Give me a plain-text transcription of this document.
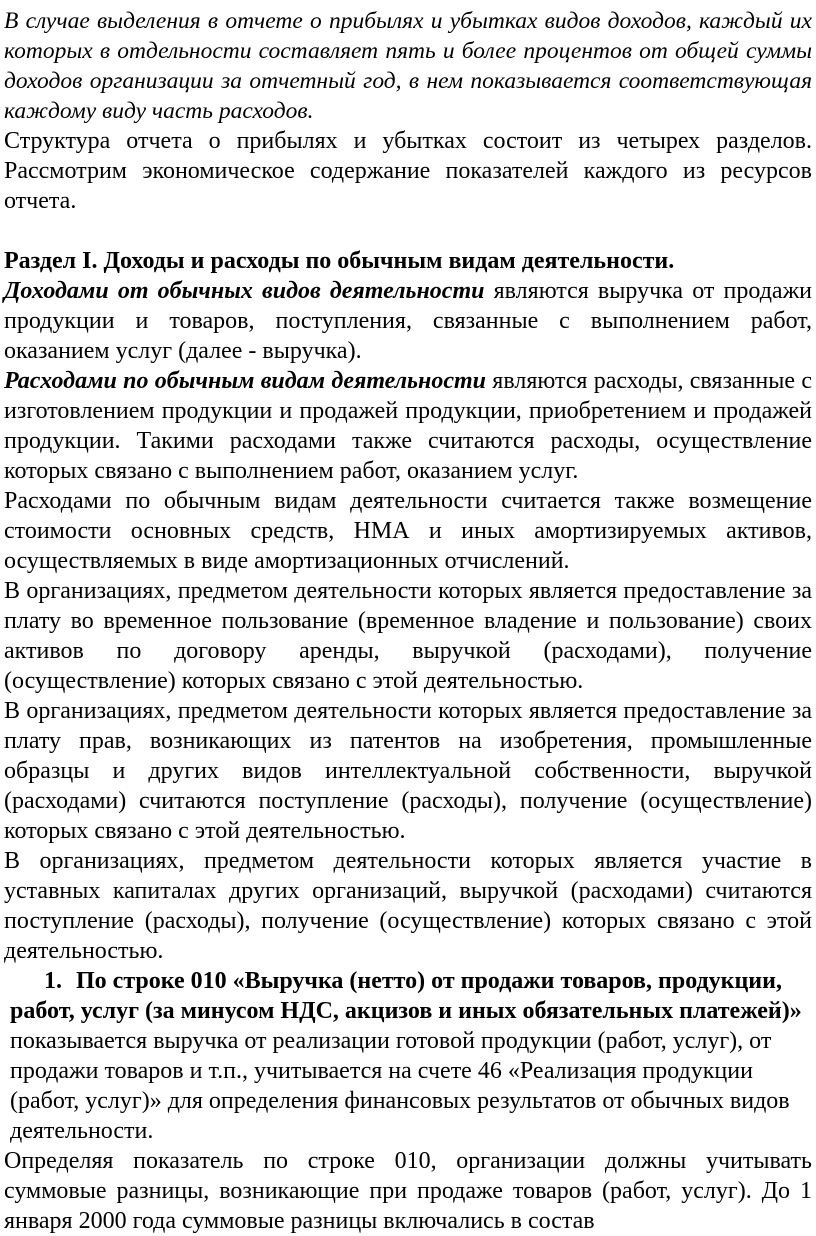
В случае выделения в отчете о прибылях и убытках видов доходов, каждый их которых в отдельности составляет пять и более процентов от общей суммы доходов организации за отчетный год, в нем показывается соответствующая каждому виду часть расходов.

Структура отчета о прибылях и убытках состоит из четырех разделов. Рассмотрим экономическое содержание показателей каждого из ресурсов отчета.

Раздел I. Доходы и расходы по обычным видам деятельности.

Доходами от обычных видов деятельности являются выручка от продажи продукции и товаров, поступления, связанные с выполнением работ, оказанием услуг (далее - выручка).

Расходами по обычным видам деятельности являются расходы, связанные с изготовлением продукции и продажей продукции, приобретением и продажей продукции. Такими расходами также считаются расходы, осуществление которых связано с выполнением работ, оказанием услуг.

Расходами по обычным видам деятельности считается также возмещение стоимости основных средств, НМА и иных амортизируемых активов, осуществляемых в виде амортизационных отчислений.

В организациях, предметом деятельности которых является предоставление за плату во временное пользование (временное владение и пользование) своих активов по договору аренды, выручкой (расходами), получение (осуществление) которых связано с этой деятельностью.

В организациях, предметом деятельности которых является предоставление за плату прав, возникающих из патентов на изобретения, промышленные образцы и других видов интеллектуальной собственности, выручкой (расходами) считаются поступление (расходы), получение (осуществление) которых связано с этой деятельностью.

В организациях, предметом деятельности которых является участие в уставных капиталах других организаций, выручкой (расходами) считаются поступление (расходы), получение (осуществление) которых связано с этой деятельностью.

1. По строке 010 «Выручка (нетто) от продажи товаров, продукции, работ, услуг (за минусом НДС, акцизов и иных обязательных платежей)» показывается выручка от реализации готовой продукции (работ, услуг), от продажи товаров и т.п., учитывается на счете 46 «Реализация продукции (работ, услуг)» для определения финансовых результатов от обычных видов деятельности.

Определяя показатель по строке 010, организации должны учитывать суммовые разницы, возникающие при продаже товаров (работ, услуг). До 1 января 2000 года суммовые разницы включались в состав
